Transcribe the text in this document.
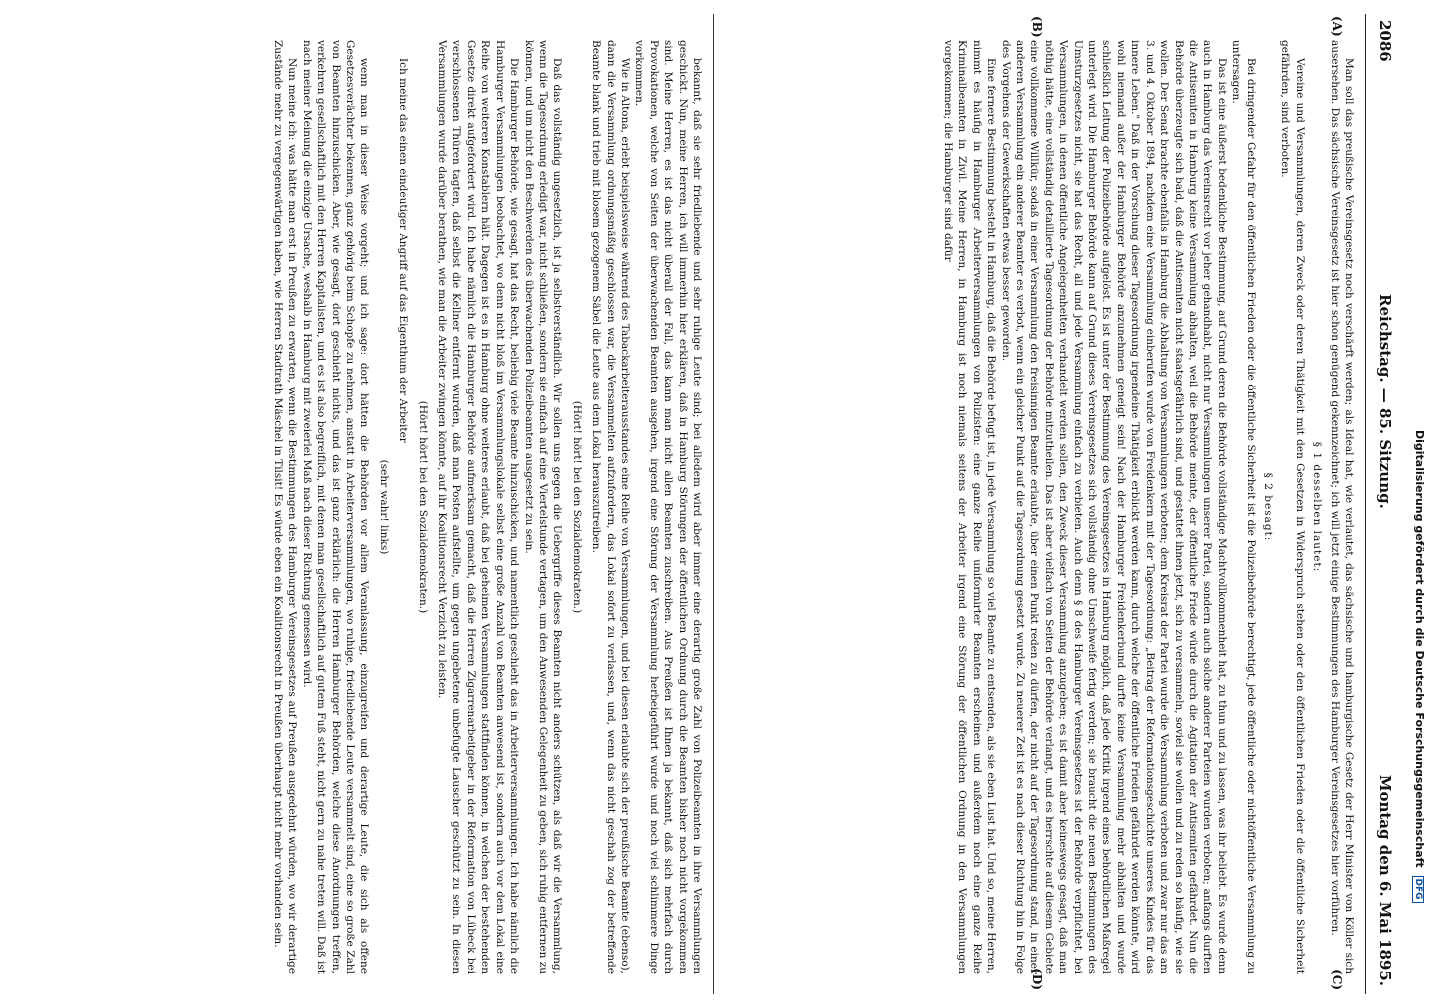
2086
Reichstag. — 85. Sitzung.
Montag den 6. Mai 1895.
(A)
(B)
(C)
(D)

Man soll das preußische Vereinsgesetz noch verschärft werden; als Ideal hat, wie verlautet, das sächsische und hamburgische Gesetz der Herr Minister von Köller sich ausersehen. Das sächsische Vereinsgesetz ist hier schon genügend gekennzeichnet; ich will jetzt einige Bestimmungen des Hamburger Vereinsgesetzes hier vorführen.

§ 1 desselben lautet:

Vereine und Versammlungen, deren Zweck oder deren Thätigkeit mit den Gesetzen in Widerspruch stehen oder den öffentlichen Frieden oder die öffentliche Sicherheit gefährden, sind verboten.

§ 2 besagt:

Bei dringender Gefahr für den öffentlichen Frieden oder die öffentliche Sicherheit ist die Polizeibehörde berechtigt, jede öffentliche oder nichtöffentliche Versammlung zu untersagen.

Das ist eine äußerst bedenkliche Bestimmung, auf Grund deren die Behörde vollständige Machtvollkommenheit hat, zu thun und zu lassen, was ihr beliebt. Es wurde denn auch in Hamburg das Vereinsrecht vor jeher gehandhabt, nicht nur Versammlungen unserer Partei, sondern auch solche anderer Parteien wurden verboten; anfangs durften die Antisemiten in Hamburg keine Versammlung abhalten, weil die Behörde meinte, der öffentliche Friede würde durch die Agitation der Antisemiten gefährdet. Nun die Behörde überzeugte sich bald, daß die Antisemiten nicht staatsgefährlich sind, und gestattet ihnen jetzt, sich zu versammeln, soviel sie wollen und zu reden so häufig, wie sie wollen. Der Senat brachte ebenfalls in Hamburg die Abhaltung von Versammlungen verboten; dem Kreisrat der Partei wurde die Versammlung verboten und zwar nur das am 3. und 4. Oktober 1894, nachdem eine Versammlung einberufen wurde von Freidenkern mit der Tagesordnung: „Beitrag der Reformationsgeschichte unseres Kindes für das innere Leben." Daß in der Vorschung dieser Tagesordnung irgendeine Thätigkeit erblickt werden kann, durch welche der öffentliche Frieden gefährdet werden könnte, wird wohl niemand außer der Hamburger Behörde anzunehmen geneigt sein! Nach der Hamburger Freidenkerbund durfte keine Versammlung mehr abhalten und wurde schließlich Leitung der Polizeibehörde aufgelöst. Es ist unter der Bestimmung des Vereinsgesetzes in Hamburg möglich, daß jede Kritik irgend eines behördlichen Maßregel unterlegt wird. Die Hamburger Behörde kann auf Grund dieses Vereinsgesetzes sich vollständig ohne Umschweife fertig werden; sie braucht die neuen Bestimmungen des Umsturzgesetzes nicht, sie hat das Recht, all und jede Versammlung einfach zu verbieten. Auch denn § 8 des Hamburger Vereinsgesetzes ist der Behörde verpflichtet, bei Versammlungen, in denen öffentliche Angelegenheiten verhandelt werden sollen, den Zweck dieser Versammlung anzugeben; es ist damit aber keineswegs gesagt, daß man nöthig hätte, eine vollständig detaillierte Tagesordnung der Behörde mitzutheilen. Das ist aber vielfach von Seiten der Behörde verlangt, und es herrschte auf diesem Gebiete eine vollkommene Willkür, sodaß in einer Versammlung den freisinnigen Beamte erlaubte, über einen Punkt reden zu dürfen, der nicht auf der Tagesordnung stand, in einer anderen Versammlung ein anderer Beamter es verbot, wenn ein gleicher Punkt auf die Tagesordnung gesetzt wurde. Zu neuerer Zeit ist es nach dieser Richtung hin in Folge des Vorgehens der Gewerkschaften etwas besser geworden.

Eine fernere Bestimmung besteht in Hamburg, daß die Behörde befugt ist, in jede Versammlung so viel Beamte zu entsenden, als sie eben Lust hat. Und so, meine Herren, nimmt es häufig in Hamburger Arbeiterversammlungen von Polizisten: eine ganze Reihe uniformirter Beamten erscheinen und außerdem noch eine ganze Reihe Kriminalbeamten in Zivil. Meine Herren, in Hamburg ist noch niemals seitens der Arbeiter irgend eine Störung der öffentlichen Ordnung in den Versammlungen vorgekommen; die Hamburger sind dafür

bekannt, daß sie sehr friedliebende und sehr ruhige Leute sind; bei alledem wird aber immer eine derartig große Zahl von Polizeibeamten in ihre Versammlungen geschickt. Nun, meine Herren, ich will immerhin hier erklären, daß in Hamburg Störungen der öffentlichen Ordnung durch die Beamten bisher noch nicht vorgekommen sind. Meine Herren, es ist das nicht überall der Fall, das kann man nicht allen Beamten zuschreiben. Aus Preußen ist Ihnen ja bekannt, daß sich mehrfach durch Provokationen, welche von Seiten der überwachenden Beamten ausgehen, irgend eine Störung der Versammlung herbeigeführt wurde und noch viel schlimmere Dinge vorkommen.

Wie in Altona, erlebt beispielsweise während des Tabackarbeiterausstandes eine Reihe von Versammlungen, und bei diesen erlaubte sich der preußische Beamte (ebenso), dann die Versammlung ordnungsmäßig geschlossen war, die Versammelten aufzufordern, das Lokal sofort zu verlassen, und, wenn das nicht geschah zog der betreffende Beamte blank und trieb mit blosem gezogenem Säbel die Leute aus dem Lokal herauszutreiben.

(Hört! hört! bei den Sozialdemokraten.)

Daß das vollständig ungesetzlich, ist ja selbstverständlich. Wir sollen uns gegen die Uebergriffe dieses Beamten nicht anders schützen, als daß wir die Versammlung, wenn die Tagesordnung erledigt war, nicht schließen, sondern sie einfach auf eine Viertelstunde vertagen, um den Anwesenden Gelegenheit zu geben, sich ruhig entfernen zu können, und um nicht den Beschwerden des überwachenden Polizeibeamten ausgesetzt zu sein.

Die Hamburger Behörde, wie gesagt, hat das Recht, beliebig viele Beamte hinzuschicken, und namentlich geschieht das in Arbeiterversammlungen. Ich habe nämlich die Hamburger Versammlungen beobachtet, wo denn nicht bloß im Versammlungslokale selbst eine große Anzahl von Beamten anwesend ist, sondern auch vor dem Lokal eine Reihe von weiteren Konstablern hält. Dagegen ist es in Hamburg ohne weiteres erlaubt, daß bei geheimen Versammlungen stattfinden können, in welchen der bestehenden Gesetze direkt aufgefordert wird. Ich habe nämlich die Hamburger Behörde aufmerksam gemacht, daß die Herren Zigarrenarbeitgeber in der Reformation von Lübeck bei verschlossenen Thüren tagten, daß selbst die Kellner entfernt wurden, daß man Posten aufstellte, um gegen ungebetene unbefugte Lauscher geschützt zu sein. In diesen Versammlungen wurde darüber berathen, wie man die Arbeiter zwingen könnte, auf ihr Koalitionsrecht Verzicht zu leisten.

(Hört! hört! bei den Sozialdemokraten.)

Ich meine das einen eindeutiger Angriff auf das Eigenthum der Arbeiter

(sehr wahr! links)

wenn man in dieser Weise vorgeht; und ich sage: dort hätten die Behörden vor allem Veranlassung, einzugreifen und derartige Leute, die sich als offene Gesetzesverächter bekennen, ganz gehörig beim Schopfe zu nehmen, anstatt in Arbeiterversammlungen, wo ruhige, friedliebende Leute versammelt sind, eine so große Zahl von Beamten hinzuschicken. Aber, wie gesagt, dort geschieht nichts, und das ist ganz erklärlich: die Herren Hamburger Behörden, welche diese Anordnungen treffen, verkehren gesellschaftlich mit den Herren Kapitalisten, und es ist also begreiflich, mit denen man gesellschaftlich auf gutem Fuß steht, nicht gern zu nahe treten will. Daß ist nach meiner Meinung die einzige Ursache, weshalb in Hamburg mit zweierlei Maß nach dieser Richtung gemessen wird.

Nun meine ich: was hätte man erst in Preußen zu erwarten, wenn die Bestimmungen des Hamburger Vereinsgesetzes auf Preußen ausgedehnt würden, wo wir derartige Zustände mehr zu vergegenwärtigen haben, wie Herren Stadtrath Mäschel in Tilsit! Es würde eben ein Koalitionsrecht in Preußen überhaupt nicht mehr vorhanden sein.	Digitalisierung gefördert durch die Deutsche Forschungsgemeinschaft DFG
